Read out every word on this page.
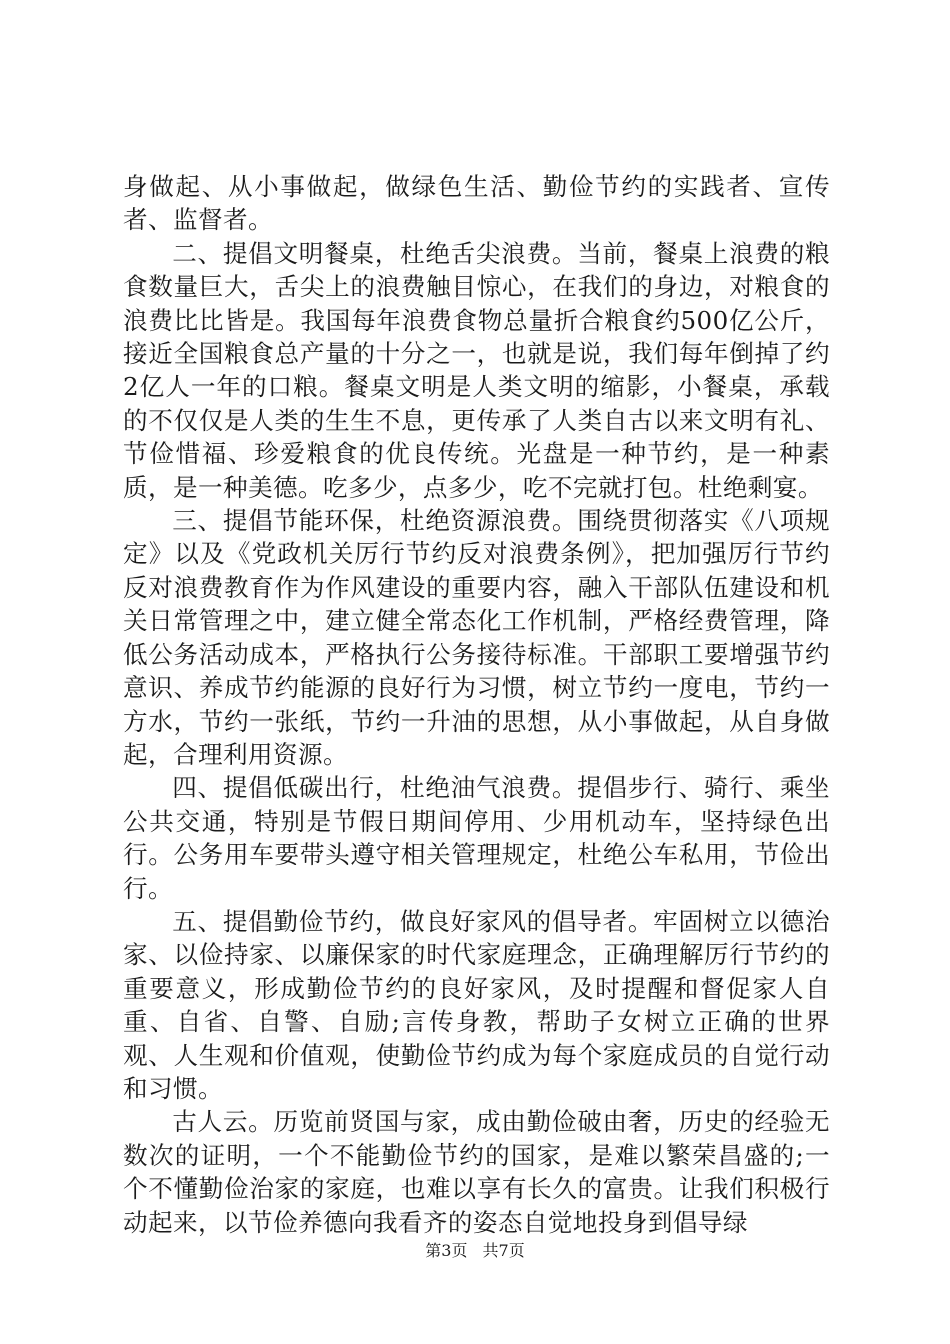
身做起、从小事做起，做绿色生活、勤俭节约的实践者、宣传者、监督者。

二、提倡文明餐桌，杜绝舌尖浪费。当前，餐桌上浪费的粮食数量巨大，舌尖上的浪费触目惊心，在我们的身边，对粮食的浪费比比皆是。我国每年浪费食物总量折合粮食约500亿公斤，接近全国粮食总产量的十分之一，也就是说，我们每年倒掉了约2亿人一年的口粮。餐桌文明是人类文明的缩影，小餐桌，承载的不仅仅是人类的生生不息，更传承了人类自古以来文明有礼、节俭惜福、珍爱粮食的优良传统。光盘是一种节约，是一种素质，是一种美德。吃多少，点多少，吃不完就打包。杜绝剩宴。

三、提倡节能环保，杜绝资源浪费。围绕贯彻落实《八项规定》以及《党政机关厉行节约反对浪费条例》，把加强厉行节约反对浪费教育作为作风建设的重要内容，融入干部队伍建设和机关日常管理之中，建立健全常态化工作机制，严格经费管理，降低公务活动成本，严格执行公务接待标准。干部职工要增强节约意识、养成节约能源的良好行为习惯，树立节约一度电，节约一方水，节约一张纸，节约一升油的思想，从小事做起，从自身做起，合理利用资源。

四、提倡低碳出行，杜绝油气浪费。提倡步行、骑行、乘坐公共交通，特别是节假日期间停用、少用机动车，坚持绿色出行。公务用车要带头遵守相关管理规定，杜绝公车私用，节俭出行。

五、提倡勤俭节约，做良好家风的倡导者。牢固树立以德治家、以俭持家、以廉保家的时代家庭理念，正确理解厉行节约的重要意义，形成勤俭节约的良好家风，及时提醒和督促家人自重、自省、自警、自励;言传身教，帮助子女树立正确的世界观、人生观和价值观，使勤俭节约成为每个家庭成员的自觉行动和习惯。

古人云。历览前贤国与家，成由勤俭破由奢，历史的经验无数次的证明，一个不能勤俭节约的国家，是难以繁荣昌盛的;一个不懂勤俭治家的家庭，也难以享有长久的富贵。让我们积极行动起来，以节俭养德向我看齐的姿态自觉地投身到倡导绿

第3页 共7页
